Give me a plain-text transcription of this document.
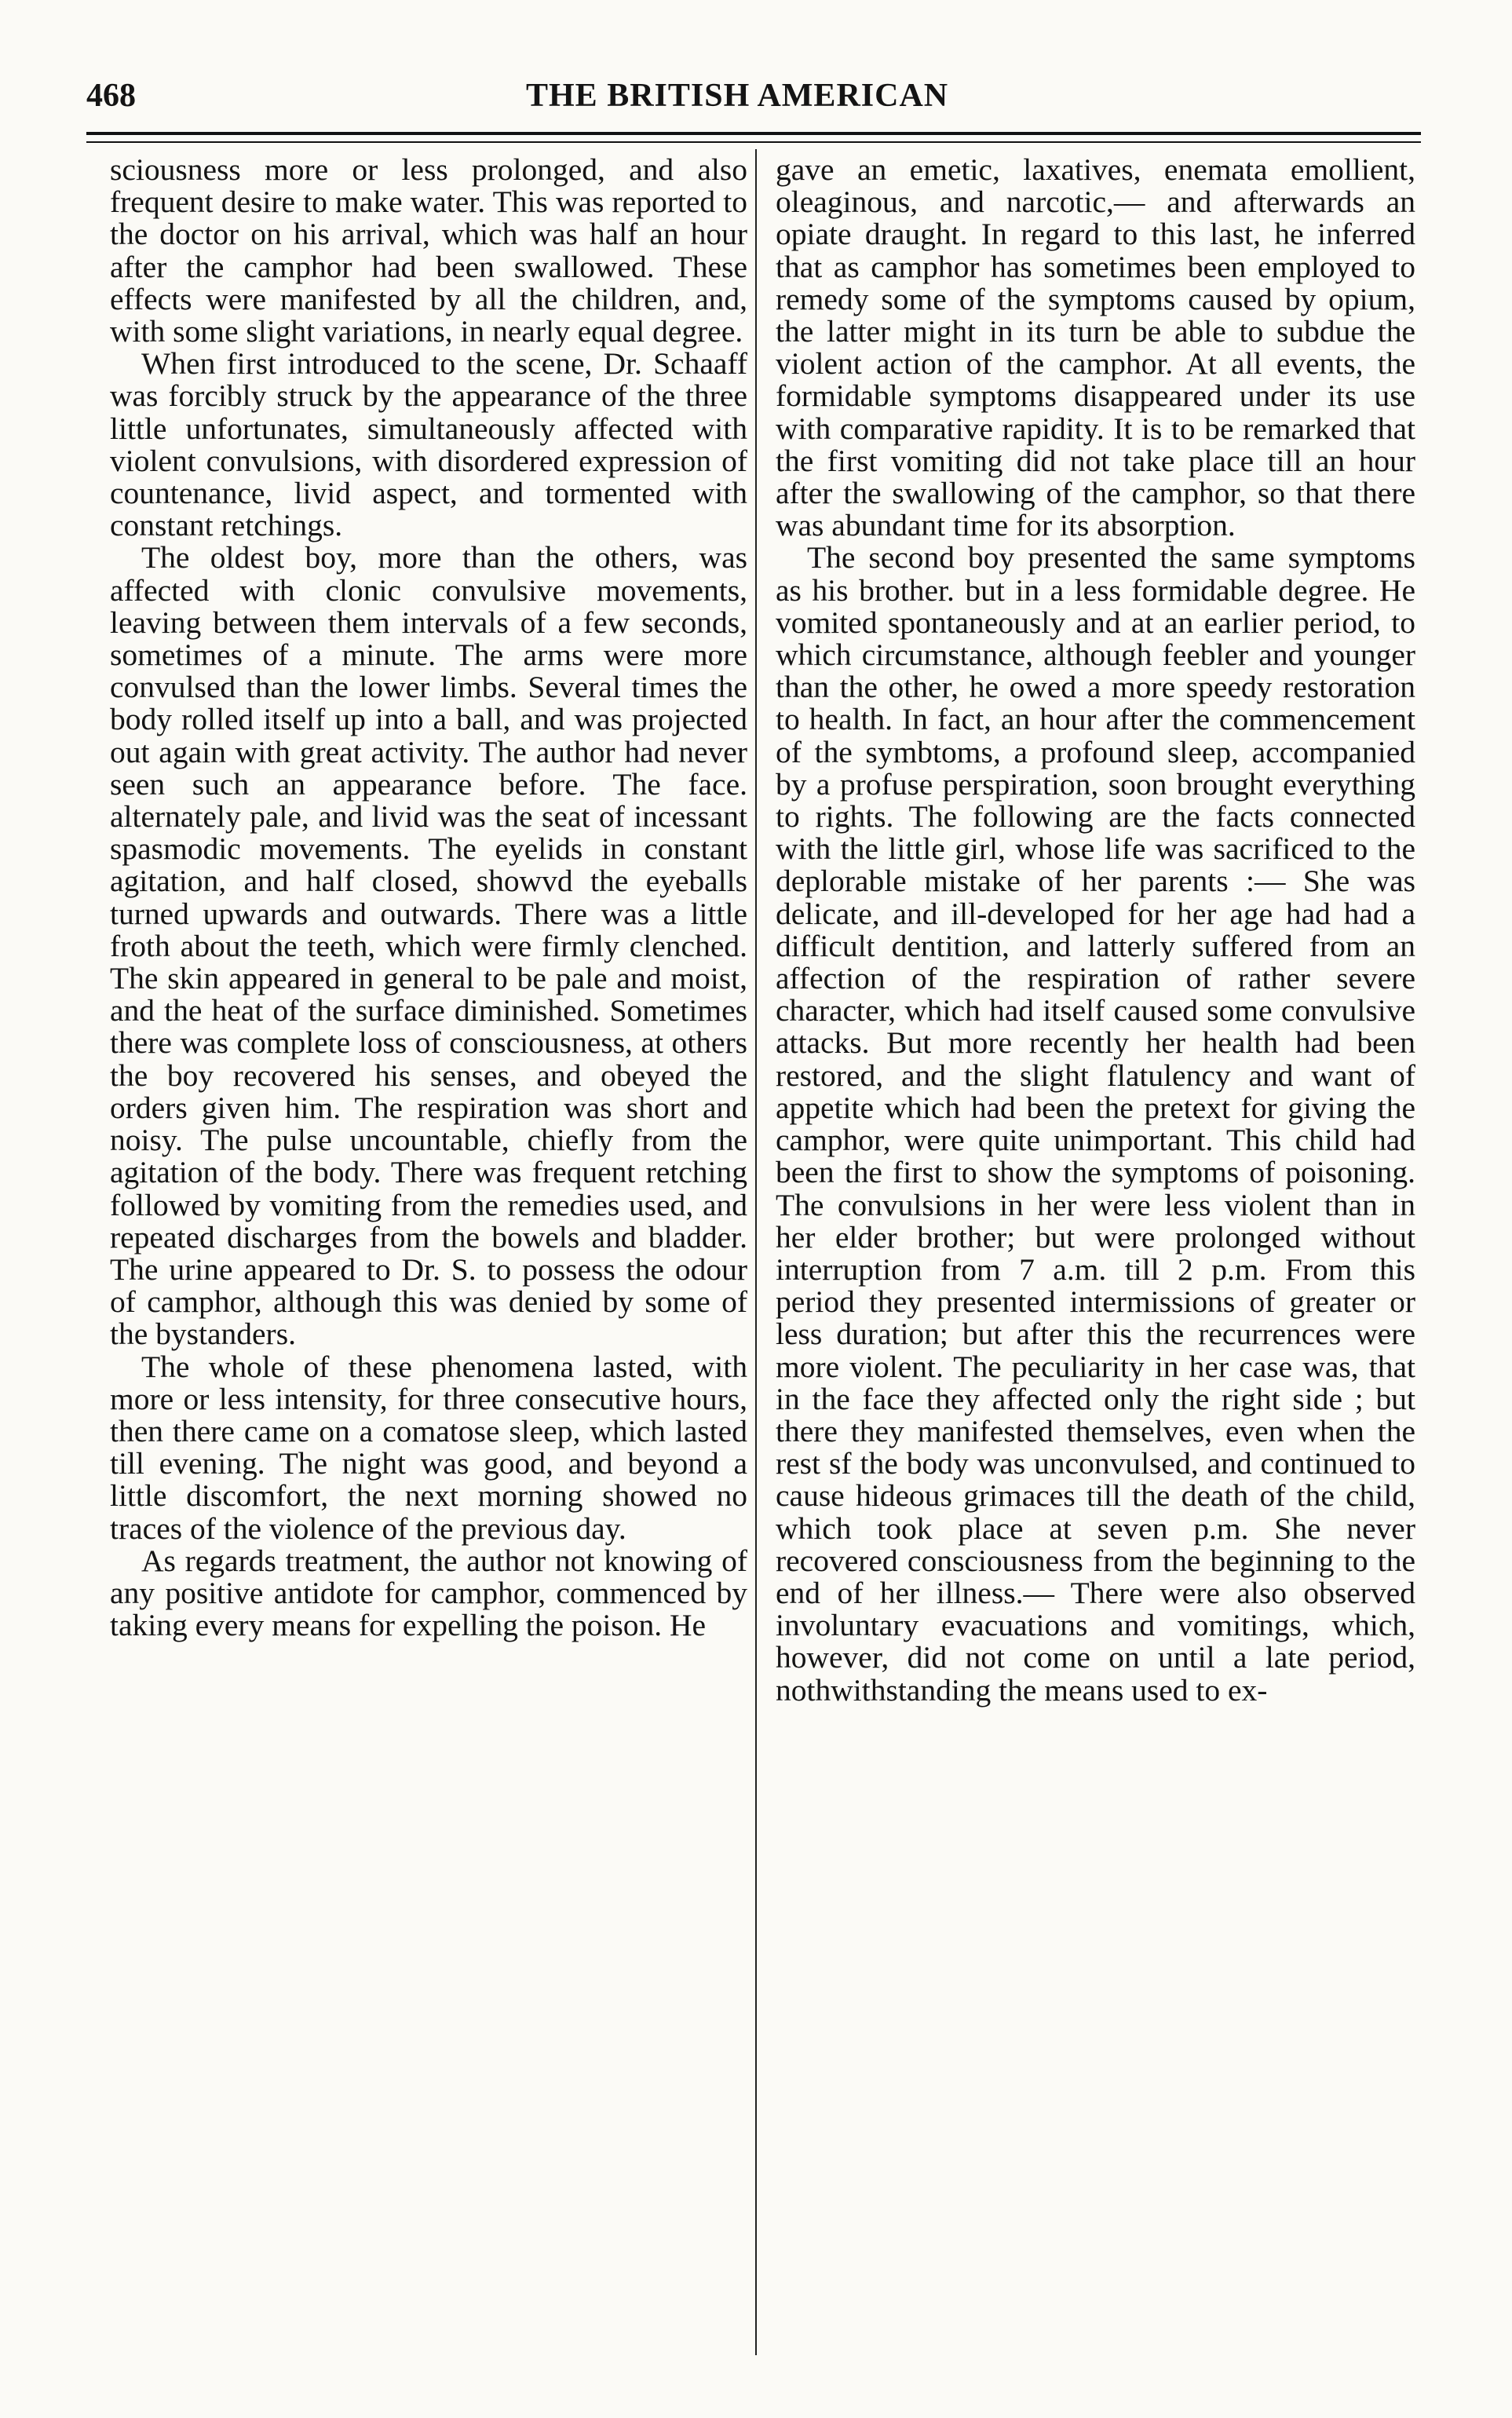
468	THE BRITISH AMERICAN

sciousness more or less prolonged, and also frequent desire to make water. This was reported to the doctor on his arrival, which was half an hour after the camphor had been swallowed. These effects were manifested by all the children, and, with some slight variations, in nearly equal degree.

When first introduced to the scene, Dr. Schaaff was forcibly struck by the appearance of the three little unfortunates, simultaneously affected with violent convulsions, with disordered expression of countenance, livid aspect, and tormented with constant retchings.

The oldest boy, more than the others, was affected with clonic convulsive movements, leaving between them intervals of a few seconds, sometimes of a minute. The arms were more convulsed than the lower limbs. Several times the body rolled itself up into a ball, and was projected out again with great activity. The author had never seen such an appearance before. The face. alternately pale, and livid was the seat of incessant spasmodic movements. The eyelids in constant agitation, and half closed, showvd the eyeballs turned upwards and outwards. There was a little froth about the teeth, which were firmly clenched. The skin appeared in general to be pale and moist, and the heat of the surface diminished. Sometimes there was complete loss of consciousness, at others the boy recovered his senses, and obeyed the orders given him. The respiration was short and noisy. The pulse uncountable, chiefly from the agitation of the body. There was frequent retching followed by vomiting from the remedies used, and repeated discharges from the bowels and bladder. The urine appeared to Dr. S. to possess the odour of camphor, although this was denied by some of the bystanders.

The whole of these phenomena lasted, with more or less intensity, for three consecutive hours, then there came on a comatose sleep, which lasted till evening. The night was good, and beyond a little discomfort, the next morning showed no traces of the violence of the previous day.

As regards treatment, the author not knowing of any positive antidote for camphor, commenced by taking every means for expelling the poison. He

gave an emetic, laxatives, enemata emollient, oleaginous, and narcotic,— and afterwards an opiate draught. In regard to this last, he inferred that as camphor has sometimes been employed to remedy some of the symptoms caused by opium, the latter might in its turn be able to subdue the violent action of the camphor. At all events, the formidable symptoms disappeared under its use with comparative rapidity. It is to be remarked that the first vomiting did not take place till an hour after the swallowing of the camphor, so that there was abundant time for its absorption.

The second boy presented the same symptoms as his brother. but in a less formidable degree. He vomited spontaneously and at an earlier period, to which circumstance, although feebler and younger than the other, he owed a more speedy restoration to health. In fact, an hour after the commencement of the symbtoms, a profound sleep, accompanied by a profuse perspiration, soon brought everything to rights. The following are the facts connected with the little girl, whose life was sacrificed to the deplorable mistake of her parents :— She was delicate, and ill-developed for her age had had a difficult dentition, and latterly suffered from an affection of the respiration of rather severe character, which had itself caused some convulsive attacks. But more recently her health had been restored, and the slight flatulency and want of appetite which had been the pretext for giving the camphor, were quite unimportant. This child had been the first to show the symptoms of poisoning. The convulsions in her were less violent than in her elder brother; but were prolonged without interruption from 7 a.m. till 2 p.m. From this period they presented intermissions of greater or less duration; but after this the recurrences were more violent. The peculiarity in her case was, that in the face they affected only the right side ; but there they manifested themselves, even when the rest sf the body was unconvulsed, and continued to cause hideous grimaces till the death of the child, which took place at seven p.m. She never recovered consciousness from the beginning to the end of her illness.— There were also observed involuntary evacuations and vomitings, which, however, did not come on until a late period, nothwithstanding the means used to ex-
